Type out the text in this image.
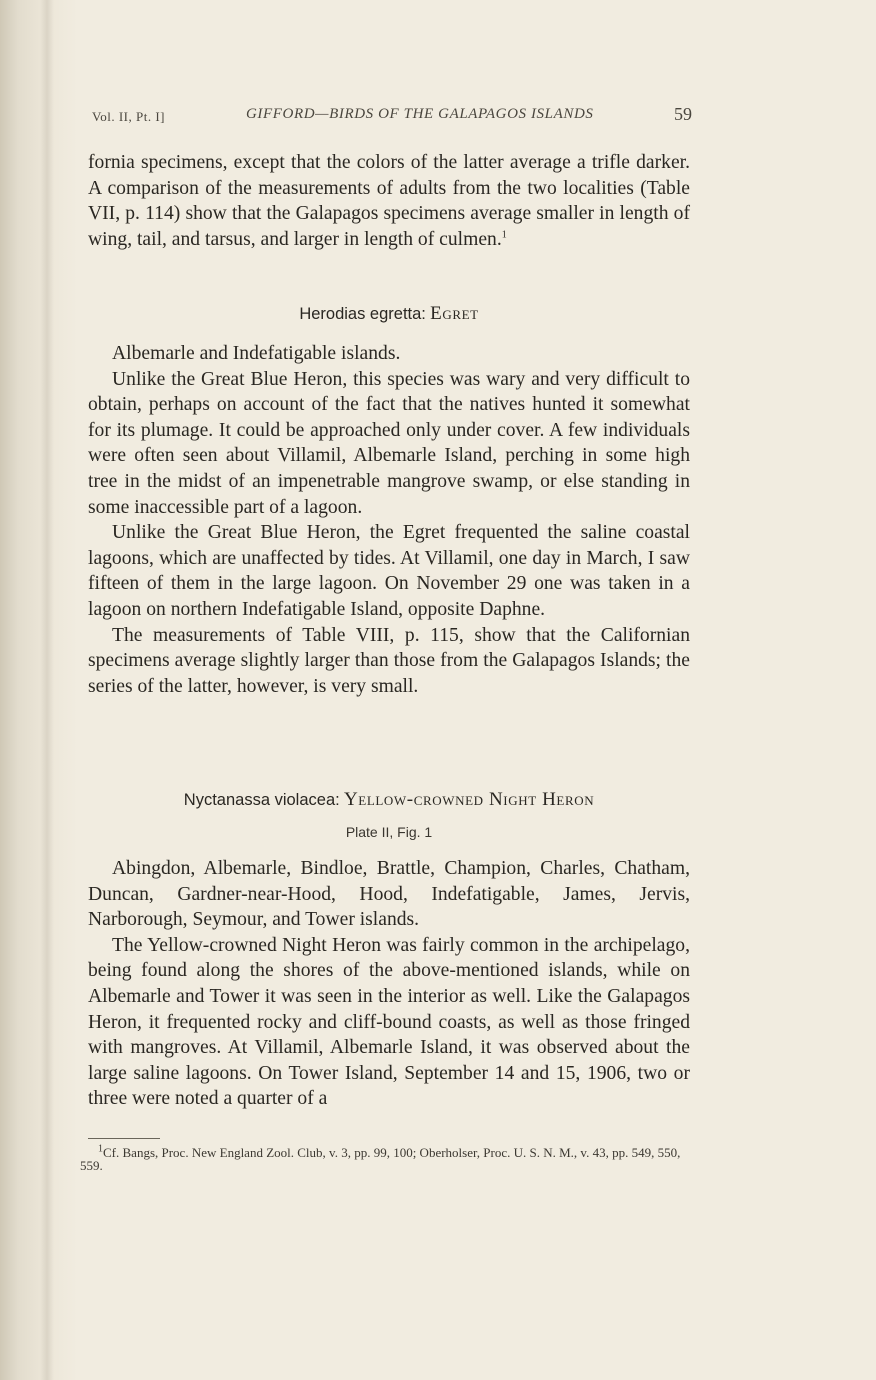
Vol. II, Pt. I]	GIFFORD—BIRDS OF THE GALAPAGOS ISLANDS	59

fornia specimens, except that the colors of the latter average a trifle darker. A comparison of the measurements of adults from the two localities (Table VII, p. 114) show that the Galapagos specimens average smaller in length of wing, tail, and tarsus, and larger in length of culmen.$^1$

Herodias egretta: Egret

Albemarle and Indefatigable islands.

Unlike the Great Blue Heron, this species was wary and very difficult to obtain, perhaps on account of the fact that the natives hunted it somewhat for its plumage. It could be approached only under cover. A few individuals were often seen about Villamil, Albemarle Island, perching in some high tree in the midst of an impenetrable mangrove swamp, or else standing in some inaccessible part of a lagoon.

Unlike the Great Blue Heron, the Egret frequented the saline coastal lagoons, which are unaffected by tides. At Villamil, one day in March, I saw fifteen of them in the large lagoon. On November 29 one was taken in a lagoon on northern Indefatigable Island, opposite Daphne.

The measurements of Table VIII, p. 115, show that the Californian specimens average slightly larger than those from the Galapagos Islands; the series of the latter, however, is very small.

Nyctanassa violacea: Yellow-crowned Night Heron
Plate II, Fig. 1

Abingdon, Albemarle, Bindloe, Brattle, Champion, Charles, Chatham, Duncan, Gardner-near-Hood, Hood, Indefatigable, James, Jervis, Narborough, Seymour, and Tower islands.

The Yellow-crowned Night Heron was fairly common in the archipelago, being found along the shores of the above-mentioned islands, while on Albemarle and Tower it was seen in the interior as well. Like the Galapagos Heron, it frequented rocky and cliff-bound coasts, as well as those fringed with mangroves. At Villamil, Albemarle Island, it was observed about the large saline lagoons. On Tower Island, September 14 and 15, 1906, two or three were noted a quarter of a

$^1$Cf. Bangs, Proc. New England Zool. Club, v. 3, pp. 99, 100; Oberholser, Proc. U. S. N. M., v. 43, pp. 549, 550, 559.
